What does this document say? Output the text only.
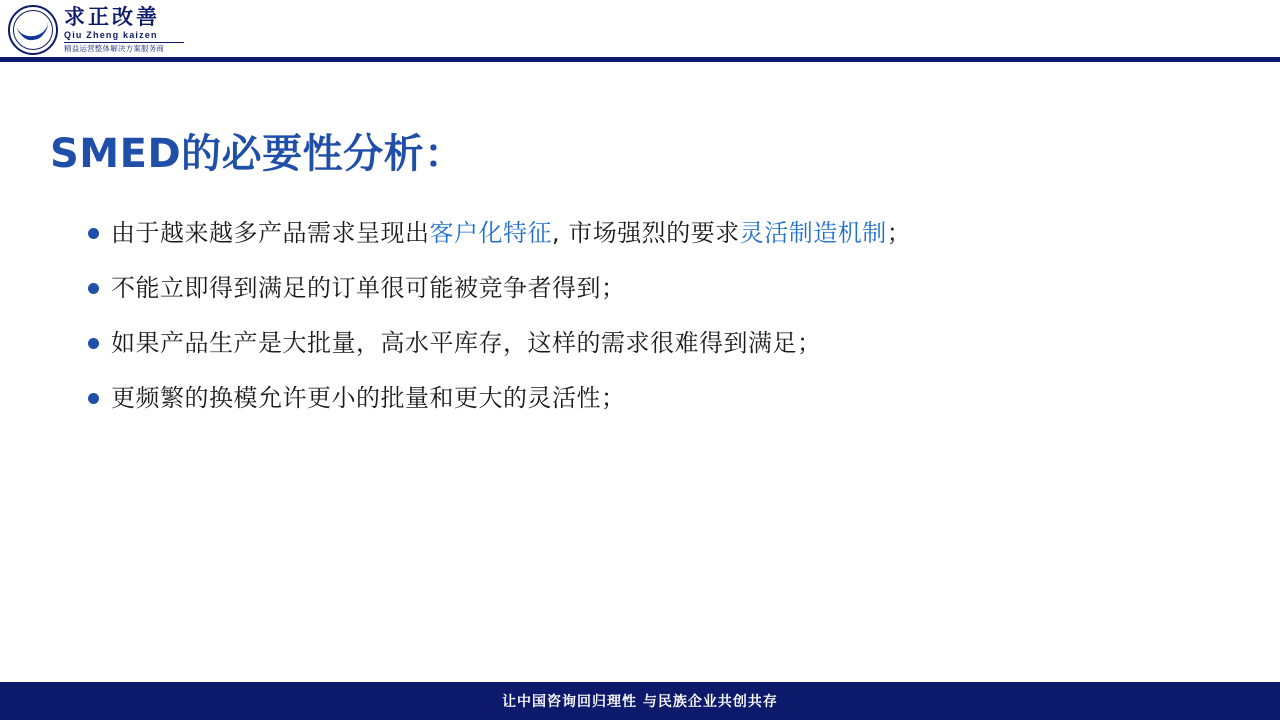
求正改善
Qiu Zheng kaizen
精益运营整体解决方案服务商
SMED的必要性分析：
由于越来越多产品需求呈现出客户化特征, 市场强烈的要求灵活制造机制；
不能立即得到满足的订单很可能被竞争者得到；
如果产品生产是大批量，高水平库存，这样的需求很难得到满足；
更频繁的换模允许更小的批量和更大的灵活性；
让中国咨询回归理性 与民族企业共创共存
